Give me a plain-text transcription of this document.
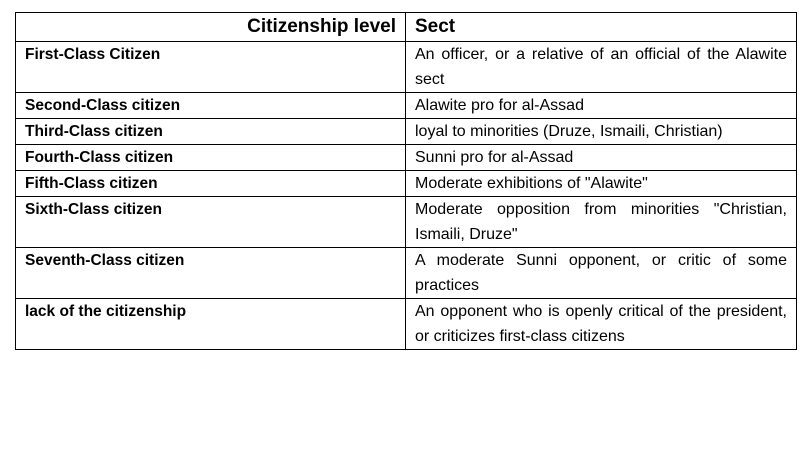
Citizenship level	Sect
First-Class Citizen	An officer, or a relative of an official of the Alawite sect
Second-Class citizen	Alawite pro for al-Assad
Third-Class citizen	loyal to minorities (Druze, Ismaili, Christian)
Fourth-Class citizen	Sunni pro for al-Assad
Fifth-Class citizen	Moderate exhibitions of "Alawite"
Sixth-Class citizen	Moderate opposition from minorities "Christian, Ismaili, Druze"
Seventh-Class citizen	A moderate Sunni opponent, or critic of some practices
lack of the citizenship	An opponent who is openly critical of the president, or criticizes first-class citizens
